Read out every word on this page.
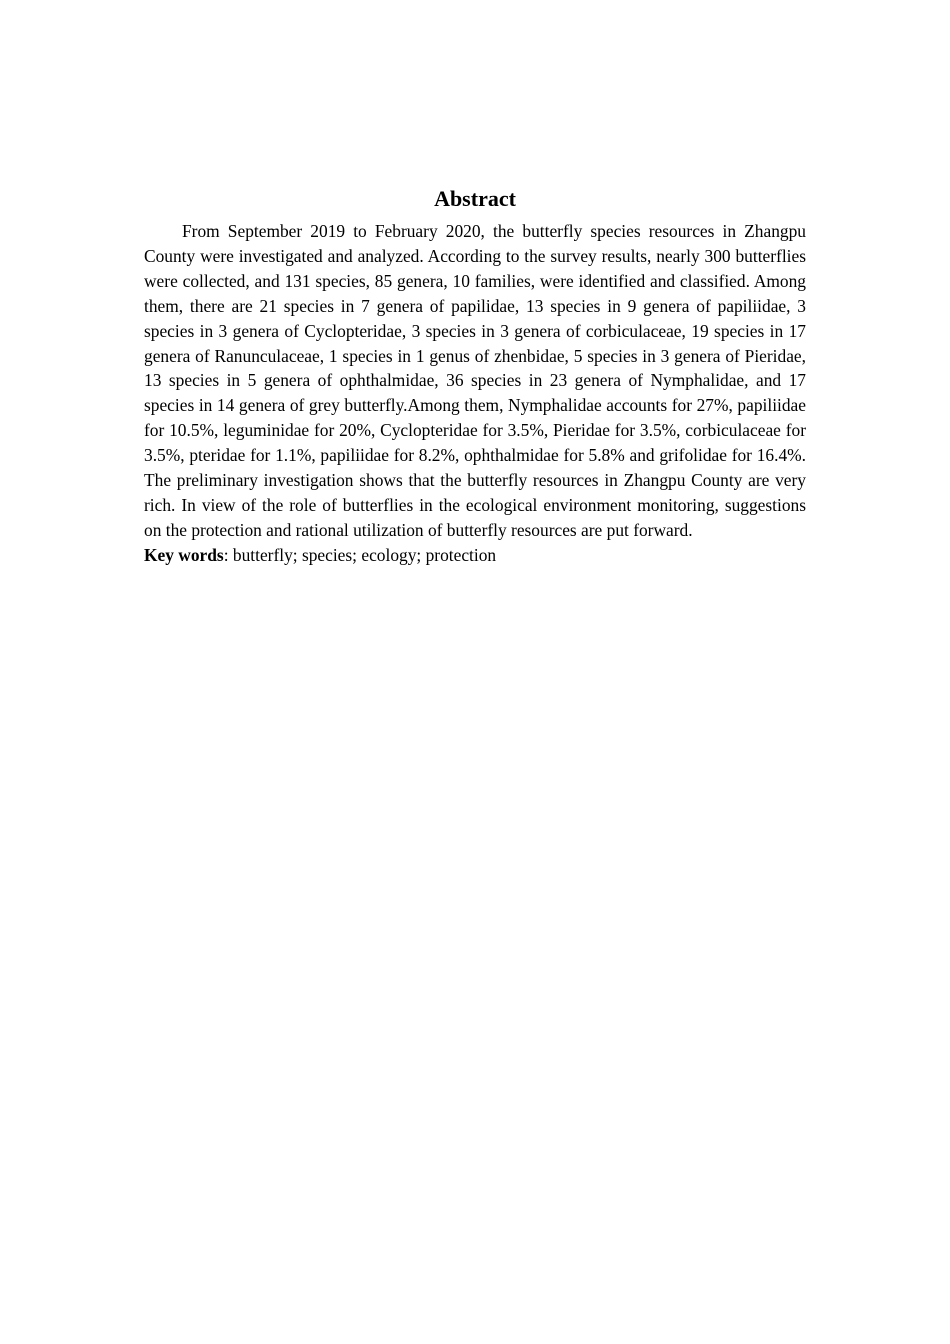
Abstract

From September 2019 to February 2020, the butterfly species resources in Zhangpu County were investigated and analyzed. According to the survey results, nearly 300 butterflies were collected, and 131 species, 85 genera, 10 families, were identified and classified. Among them, there are 21 species in 7 genera of papilidae, 13 species in 9 genera of papiliidae, 3 species in 3 genera of Cyclopteridae, 3 species in 3 genera of corbiculaceae, 19 species in 17 genera of Ranunculaceae, 1 species in 1 genus of zhenbidae, 5 species in 3 genera of Pieridae, 13 species in 5 genera of ophthalmidae, 36 species in 23 genera of Nymphalidae, and 17 species in 14 genera of grey butterfly.Among them, Nymphalidae accounts for 27%, papiliidae for 10.5%, leguminidae for 20%, Cyclopteridae for 3.5%, Pieridae for 3.5%, corbiculaceae for 3.5%, pteridae for 1.1%, papiliidae for 8.2%, ophthalmidae for 5.8% and grifolidae for 16.4%. The preliminary investigation shows that the butterfly resources in Zhangpu County are very rich. In view of the role of butterflies in the ecological environment monitoring, suggestions on the protection and rational utilization of butterfly resources are put forward.

Key words: butterfly; species; ecology; protection
